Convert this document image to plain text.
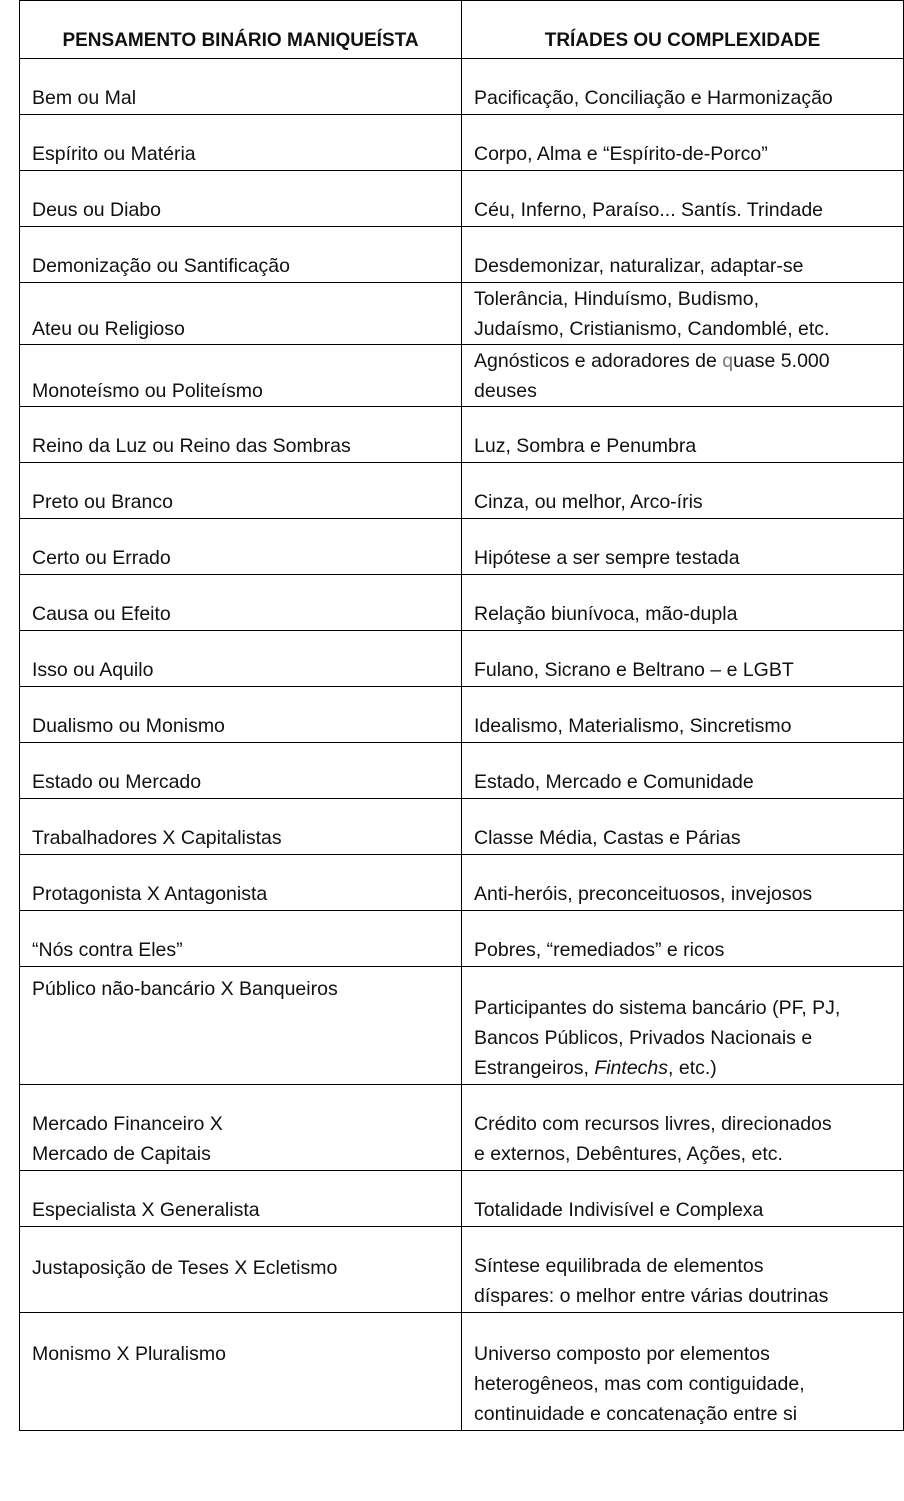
PENSAMENTO BINÁRIO MANIQUEÍSTA	TRÍADES OU COMPLEXIDADE
Bem ou Mal	Pacificação, Conciliação e Harmonização
Espírito ou Matéria	Corpo, Alma e “Espírito-de-Porco”
Deus ou Diabo	Céu, Inferno, Paraíso... Santís. Trindade
Demonização ou Santificação	Desdemonizar, naturalizar, adaptar-se
Ateu ou Religioso	Tolerância, Hinduísmo, Budismo,
Judaísmo, Cristianismo, Candomblé, etc.

Monoteísmo ou Politeísmo	Agnósticos e adoradores de quase 5.000
deuses

Reino da Luz ou Reino das Sombras	Luz, Sombra e Penumbra
Preto ou Branco	Cinza, ou melhor, Arco-íris
Certo ou Errado	Hipótese a ser sempre testada
Causa ou Efeito	Relação biunívoca, mão-dupla
Isso ou Aquilo	Fulano, Sicrano e Beltrano – e LGBT
Dualismo ou Monismo	Idealismo, Materialismo, Sincretismo
Estado ou Mercado	Estado, Mercado e Comunidade
Trabalhadores X Capitalistas	Classe Média, Castas e Párias
Protagonista X Antagonista	Anti-heróis, preconceituosos, invejosos
“Nós contra Eles”	Pobres, “remediados” e ricos
Público não-bancário X Banqueiros	Participantes do sistema bancário (PF, PJ,
Bancos Públicos, Privados Nacionais e
Estrangeiros, Fintechs, etc.)

Mercado Financeiro X
Mercado de Capitais	Crédito com recursos livres, direcionados
e externos, Debêntures, Ações, etc.

Especialista X Generalista	Totalidade Indivisível e Complexa
Justaposição de Teses X Ecletismo	Síntese equilibrada de elementos
díspares: o melhor entre várias doutrinas

Monismo X Pluralismo	Universo composto por elementos
heterogêneos, mas com contiguidade,
continuidade e concatenação entre si
